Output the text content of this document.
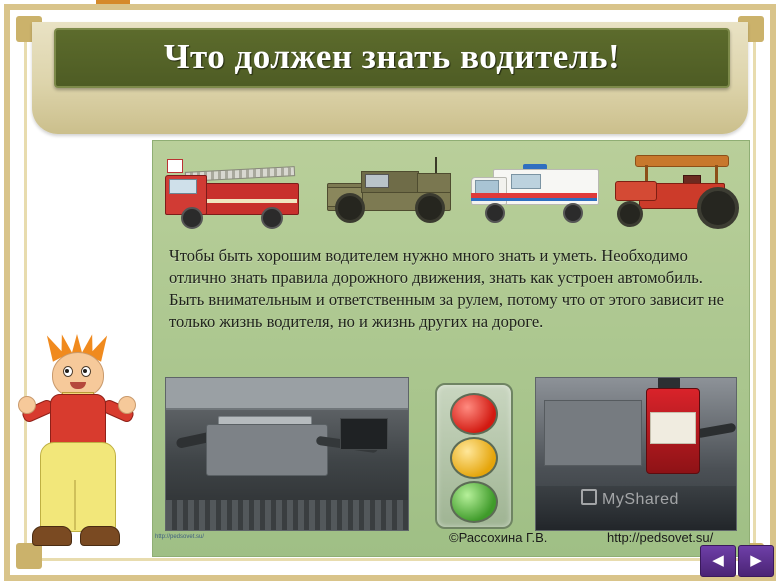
Что должен знать водитель!

Чтобы быть хорошим водителем нужно много знать и уметь. Необходимо отлично знать правила дорожного движения, знать как устроен автомобиль. Быть внимательным и ответственным за рулем, потому что от этого зависит не только жизнь водителя, но и жизнь других на дороге.

MyShared
http://pedsovet.su/	©Рассохина Г.В.	http://pedsovet.su/
◀	▶
